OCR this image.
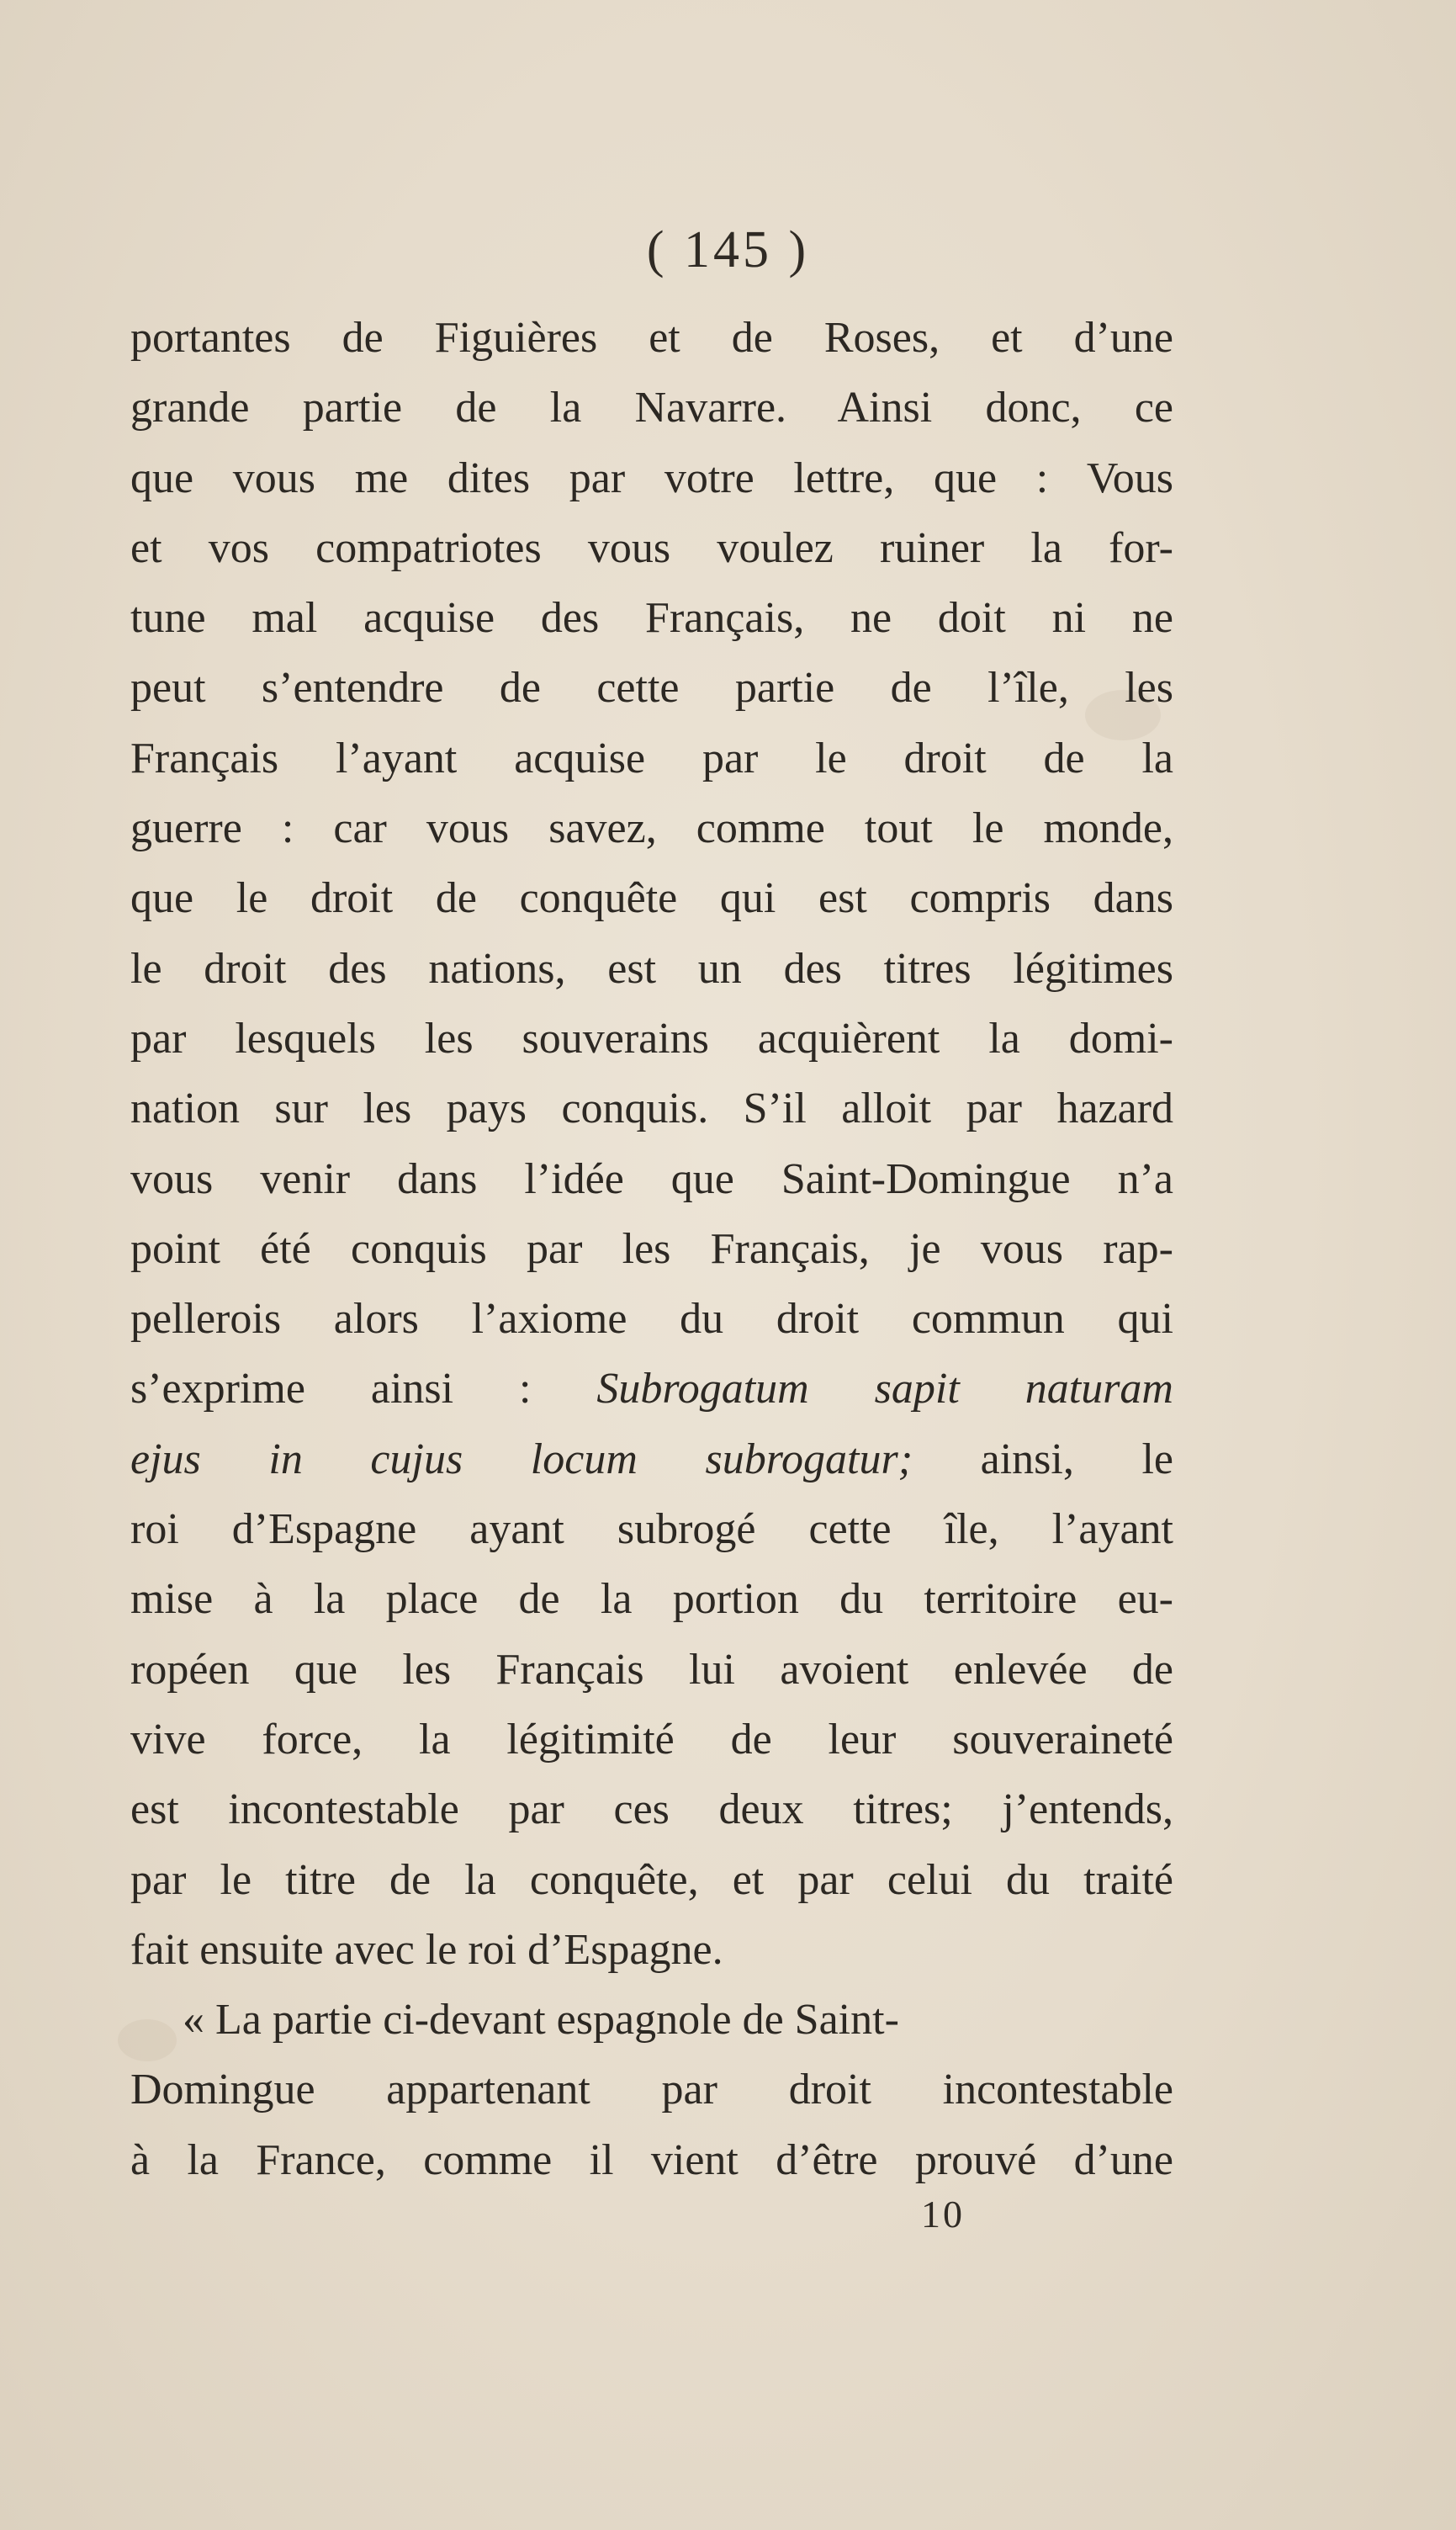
( 145 )
portantes de Figuières et de Roses, et d’une
grande partie de la Navarre. Ainsi donc, ce
que vous me dites par votre lettre, que : Vous
et vos compatriotes vous voulez ruiner la for-
tune mal acquise des Français, ne doit ni ne
peut s’entendre de cette partie de l’île, les
Français l’ayant acquise par le droit de la
guerre : car vous savez, comme tout le monde,
que le droit de conquête qui est compris dans
le droit des nations, est un des titres légitimes
par lesquels les souverains acquièrent la domi-
nation sur les pays conquis. S’il alloit par hazard
vous venir dans l’idée que Saint-Domingue n’a
point été conquis par les Français, je vous rap-
pellerois alors l’axiome du droit commun qui
s’exprime ainsi : Subrogatum sapit naturam
ejus in cujus locum subrogatur; ainsi, le
roi d’Espagne ayant subrogé cette île, l’ayant
mise à la place de la portion du territoire eu-
ropéen que les Français lui avoient enlevée de
vive force, la légitimité de leur souveraineté
est incontestable par ces deux titres; j’entends,
par le titre de la conquête, et par celui du traité
fait ensuite avec le roi d’Espagne.
« La partie ci-devant espagnole de Saint-
Domingue appartenant par droit incontestable
à la France, comme il vient d’être prouvé d’une
10
